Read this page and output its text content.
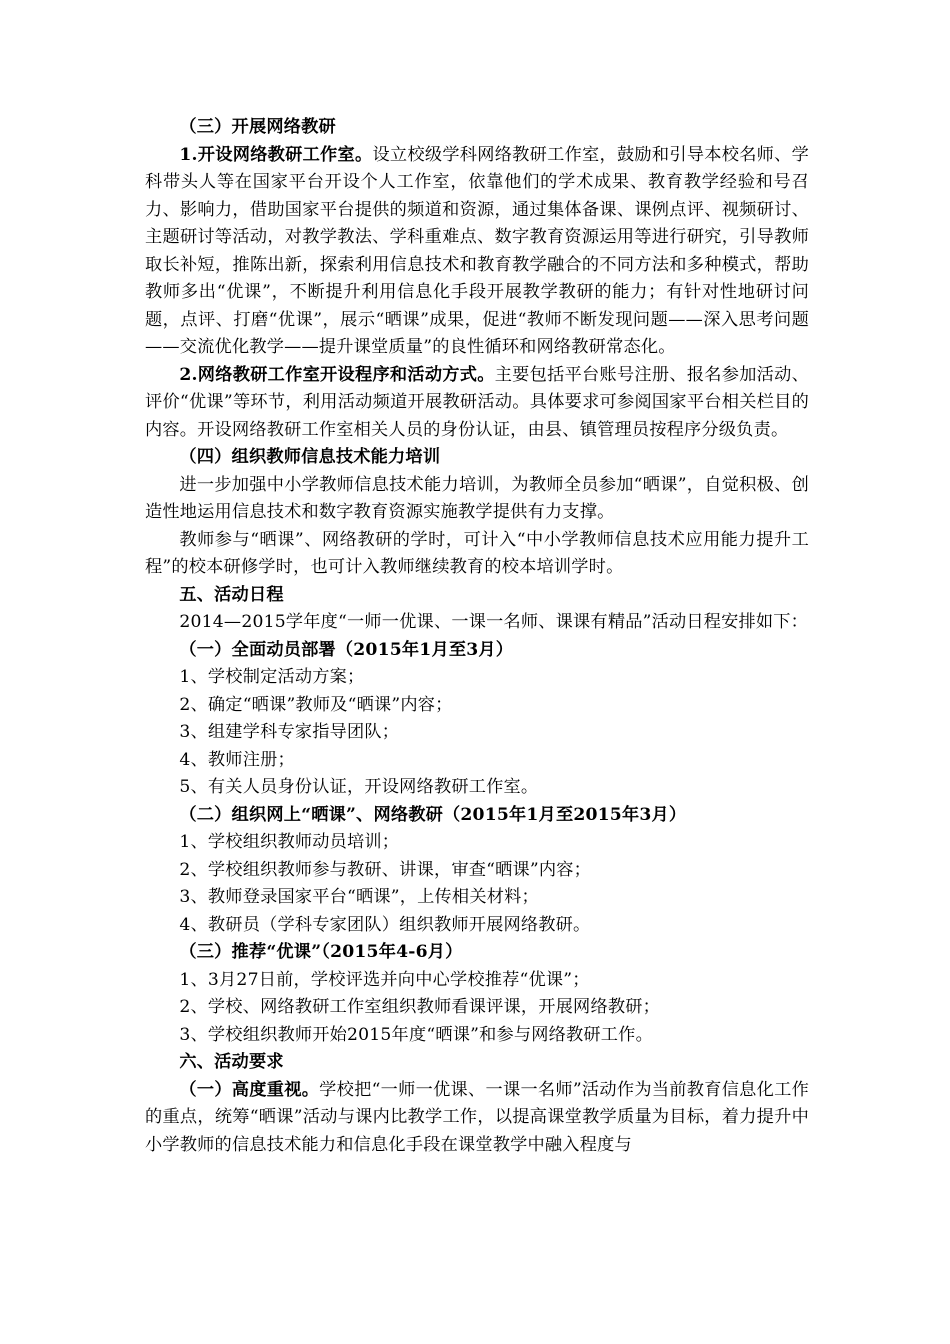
（三）开展网络教研

1.开设网络教研工作室。设立校级学科网络教研工作室，鼓励和引导本校名师、学科带头人等在国家平台开设个人工作室，依靠他们的学术成果、教育教学经验和号召力、影响力，借助国家平台提供的频道和资源，通过集体备课、课例点评、视频研讨、主题研讨等活动，对教学教法、学科重难点、数字教育资源运用等进行研究，引导教师取长补短，推陈出新，探索利用信息技术和教育教学融合的不同方法和多种模式，帮助教师多出“优课”，不断提升利用信息化手段开展教学教研的能力；有针对性地研讨问题，点评、打磨“优课”，展示“晒课”成果，促进“教师不断发现问题——深入思考问题——交流优化教学——提升课堂质量”的良性循环和网络教研常态化。

2.网络教研工作室开设程序和活动方式。主要包括平台账号注册、报名参加活动、评价“优课”等环节，利用活动频道开展教研活动。具体要求可参阅国家平台相关栏目的内容。开设网络教研工作室相关人员的身份认证，由县、镇管理员按程序分级负责。

（四）组织教师信息技术能力培训

进一步加强中小学教师信息技术能力培训，为教师全员参加“晒课”，自觉积极、创造性地运用信息技术和数字教育资源实施教学提供有力支撑。

教师参与“晒课”、网络教研的学时，可计入“中小学教师信息技术应用能力提升工程”的校本研修学时，也可计入教师继续教育的校本培训学时。

五、活动日程

2014—2015学年度“一师一优课、一课一名师、课课有精品”活动日程安排如下：

（一）全面动员部署（2015年1月至3月）

1、学校制定活动方案；

2、确定“晒课”教师及“晒课”内容；

3、组建学科专家指导团队；

4、教师注册；

5、有关人员身份认证，开设网络教研工作室。

（二）组织网上“晒课”、网络教研（2015年1月至2015年3月）

1、学校组织教师动员培训；

2、学校组织教师参与教研、讲课，审查“晒课”内容；

3、教师登录国家平台“晒课”，上传相关材料；

4、教研员（学科专家团队）组织教师开展网络教研。

（三）推荐“优课”（2015年4-6月）

1、3月27日前，学校评选并向中心学校推荐“优课”；

2、学校、网络教研工作室组织教师看课评课，开展网络教研；

3、学校组织教师开始2015年度“晒课”和参与网络教研工作。

六、活动要求

（一）高度重视。学校把“一师一优课、一课一名师”活动作为当前教育信息化工作的重点，统筹“晒课”活动与课内比教学工作，以提高课堂教学质量为目标，着力提升中小学教师的信息技术能力和信息化手段在课堂教学中融入程度与
